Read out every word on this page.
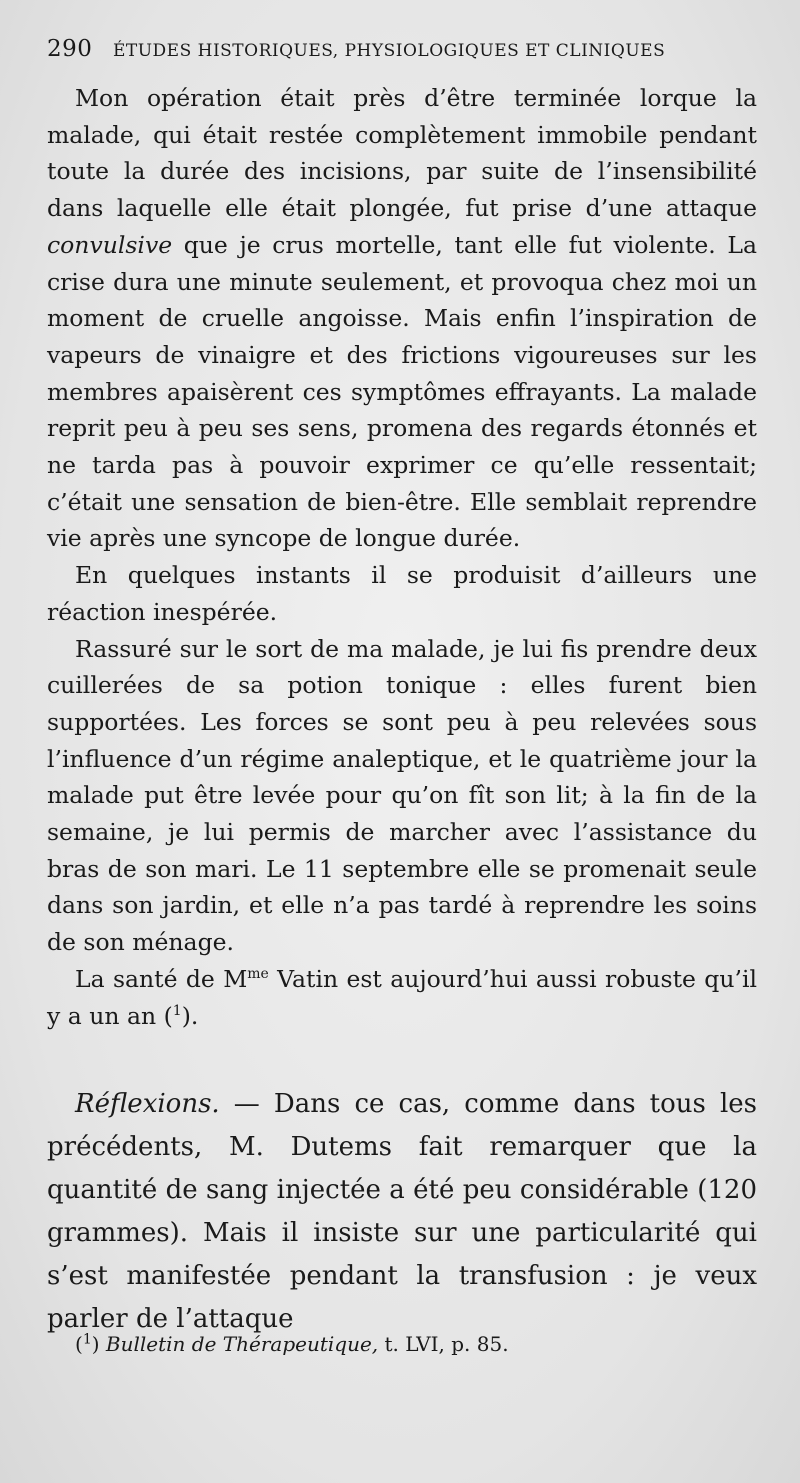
290 ÉTUDES HISTORIQUES, PHYSIOLOGIQUES ET CLINIQUES

Mon opération était près d’être terminée lorque la malade, qui était restée complètement immobile pendant toute la durée des incisions, par suite de l’insensibilité dans laquelle elle était plongée, fut prise d’une attaque convulsive que je crus mortelle, tant elle fut violente. La crise dura une minute seulement, et provoqua chez moi un moment de cruelle angoisse. Mais enfin l’inspiration de vapeurs de vinaigre et des frictions vigoureuses sur les membres apaisèrent ces symptômes effrayants. La malade reprit peu à peu ses sens, promena des regards étonnés et ne tarda pas à pouvoir exprimer ce qu’elle ressentait; c’était une sensation de bien-être. Elle semblait reprendre vie après une syncope de longue durée.

En quelques instants il se produisit d’ailleurs une réaction inespérée.

Rassuré sur le sort de ma malade, je lui fis prendre deux cuillerées de sa potion tonique : elles furent bien supportées. Les forces se sont peu à peu relevées sous l’influence d’un régime analeptique, et le quatrième jour la malade put être levée pour qu’on fît son lit; à la fin de la semaine, je lui permis de marcher avec l’assistance du bras de son mari. Le 11 septembre elle se promenait seule dans son jardin, et elle n’a pas tardé à reprendre les soins de son ménage.

La santé de $M^{me}$ Vatin est aujourd’hui aussi robuste qu’il y a un an ($^1$).

Réflexions. — Dans ce cas, comme dans tous les précédents, M. Dutems fait remarquer que la quantité de sang injectée a été peu considérable (120 grammes). Mais il insiste sur une particularité qui s’est manifestée pendant la transfusion : je veux parler de l’attaque

($^1$) Bulletin de Thérapeutique, t. LVI, p. 85.
